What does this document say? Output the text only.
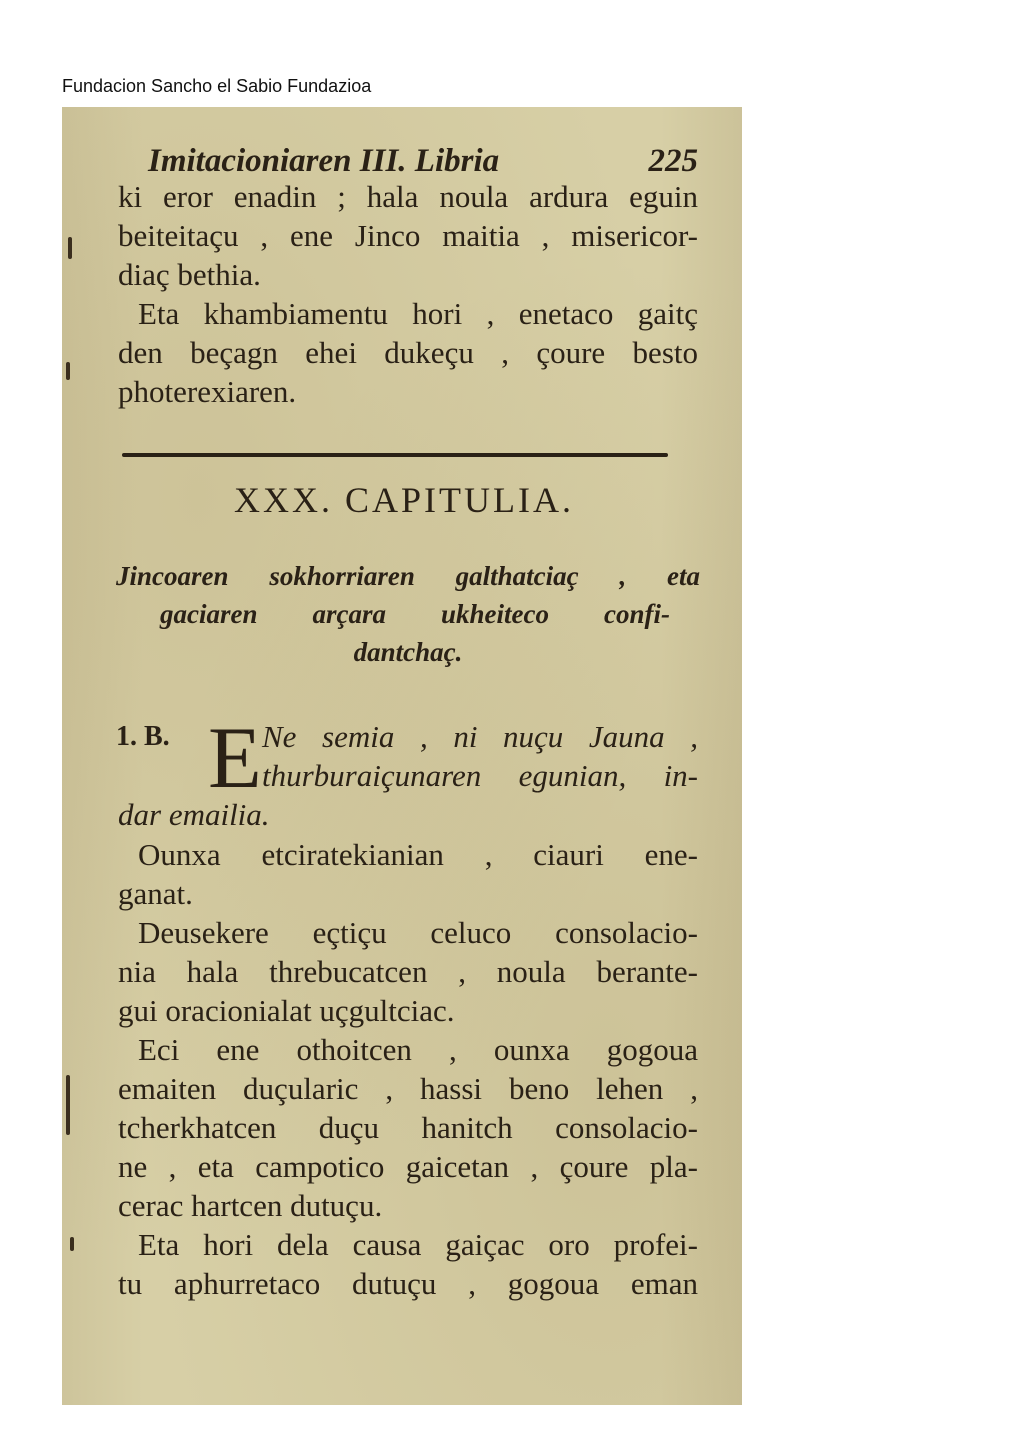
Fundacion Sancho el Sabio Fundazioa
Imitacioniaren III. Libria	225
ki eror enadin ; hala noula ardura eguin
beiteitaçu , ene Jinco maitia , misericor-
diaç bethia.
Eta khambiamentu hori , enetaco gaitç
den beçagn ehei dukeçu , çoure besto
photerexiaren.
XXX. CAPITULIA.
Jincoaren sokhorriaren galthatciaç , eta
gaciaren arçara ukheiteco confi-
dantchaç.
1. B. E Ne semia , ni nuçu Jauna ,
thurburaiçunaren egunian, in-
dar emailia.
Ounxa etciratekianian , ciauri ene-
ganat.
Deusekere eçtiçu celuco consolacio-
nia hala threbucatcen , noula berante-
gui oracionialat uçgultciac.
Eci ene othoitcen , ounxa gogoua
emaiten duçularic , hassi beno lehen ,
tcherkhatcen duçu hanitch consolacio-
ne , eta campotico gaicetan , çoure pla-
cerac hartcen dutuçu.
Eta hori dela causa gaiçac oro profei-
tu aphurretaco dutuçu , gogoua eman
